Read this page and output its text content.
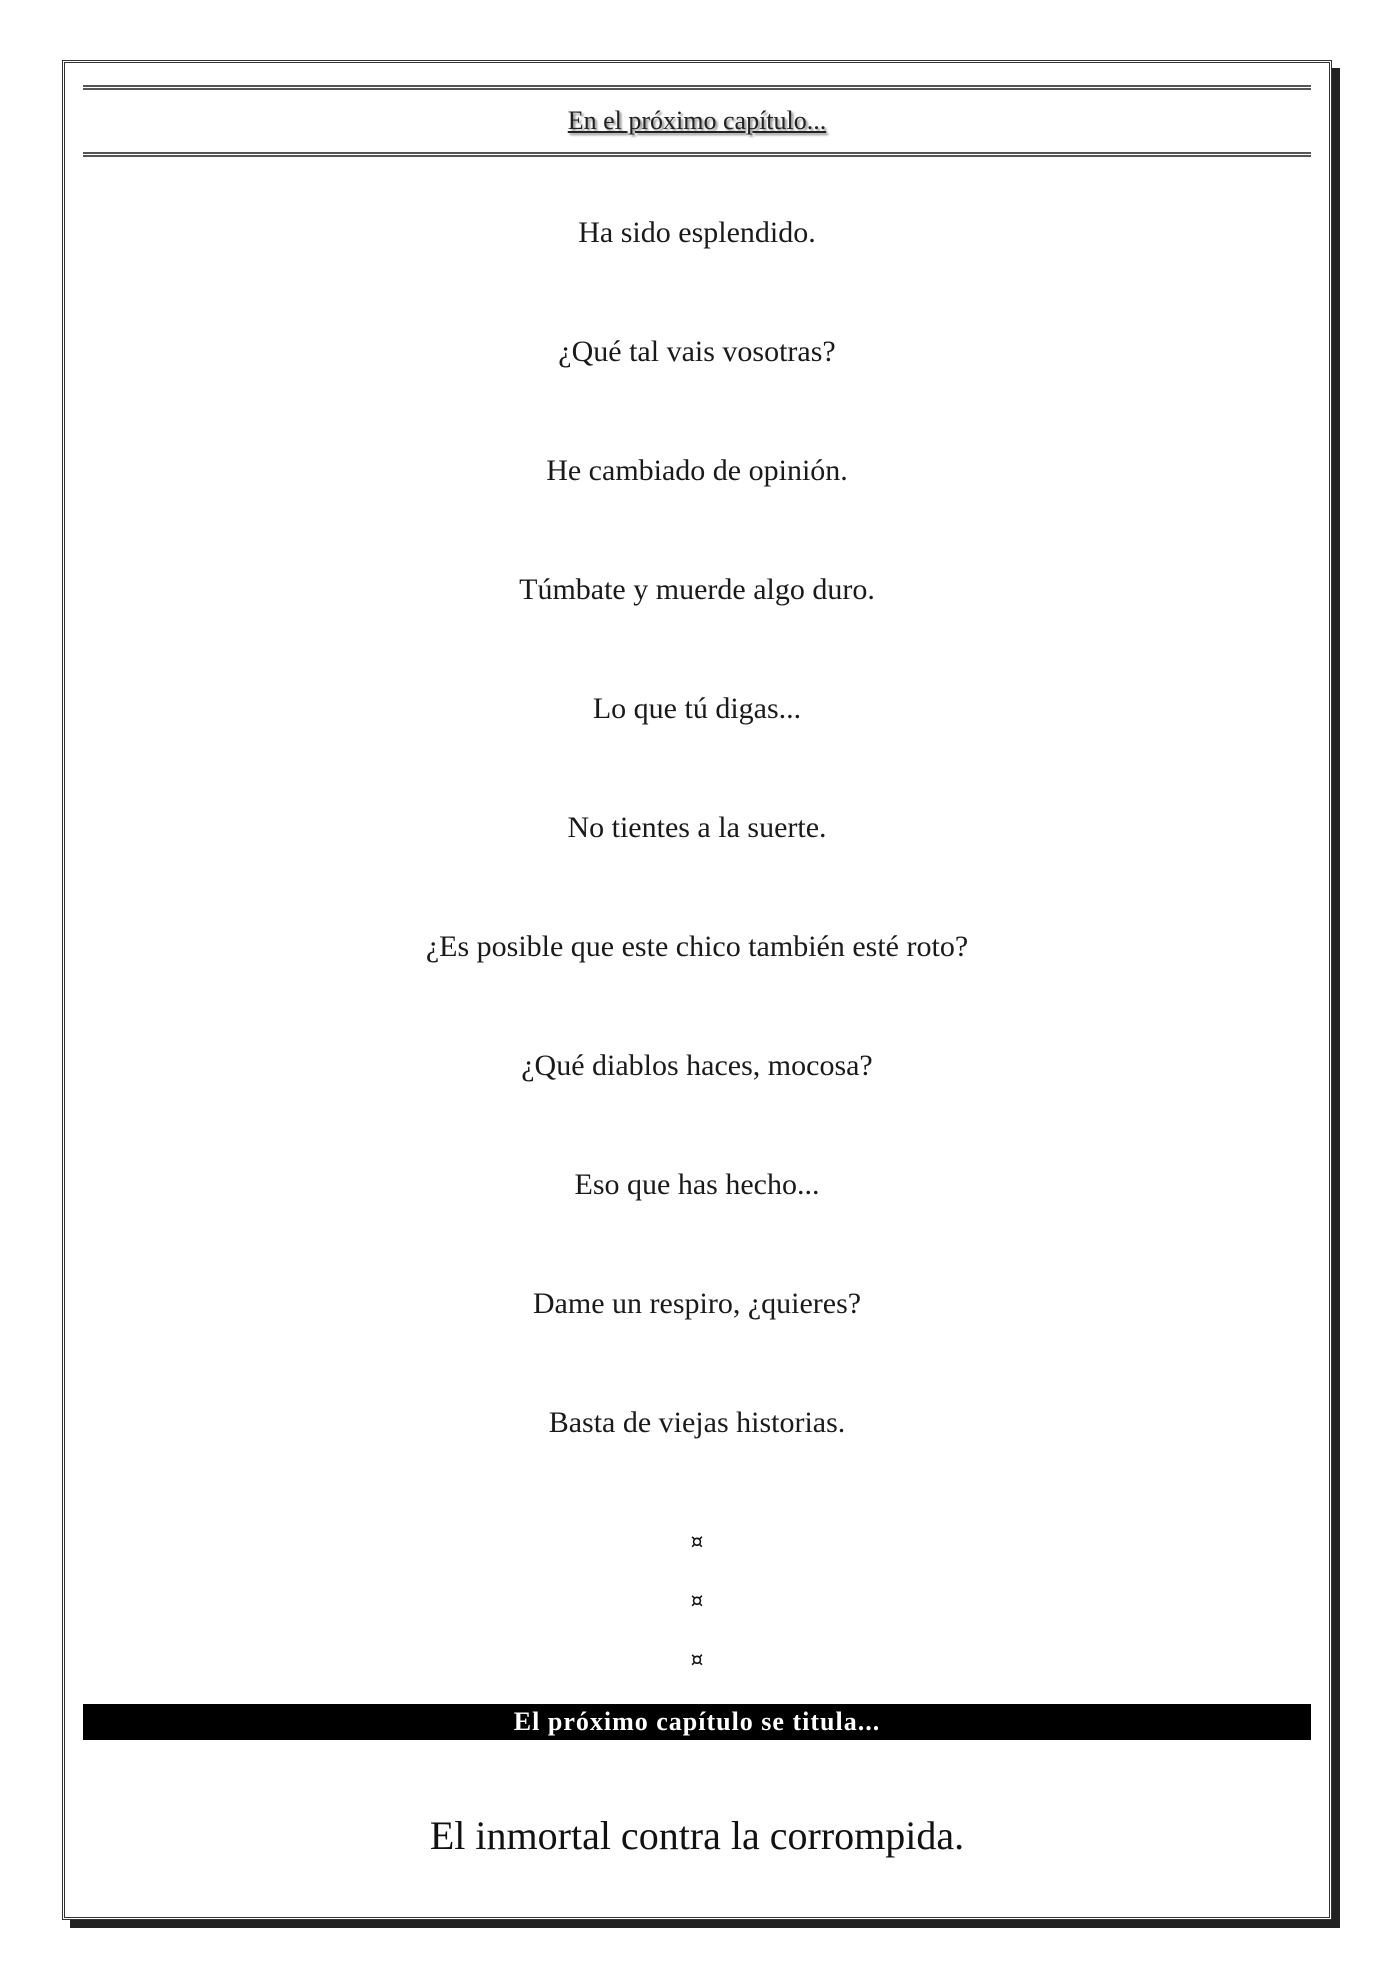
En el próximo capítulo...
Ha sido esplendido.
¿Qué tal vais vosotras?
He cambiado de opinión.
Túmbate y muerde algo duro.
Lo que tú digas...
No tientes a la suerte.
¿Es posible que este chico también esté roto?
¿Qué diablos haces, mocosa?
Eso que has hecho...
Dame un respiro, ¿quieres?
Basta de viejas historias.
¤
¤
¤
El próximo capítulo se titula...
El inmortal contra la corrompida.
